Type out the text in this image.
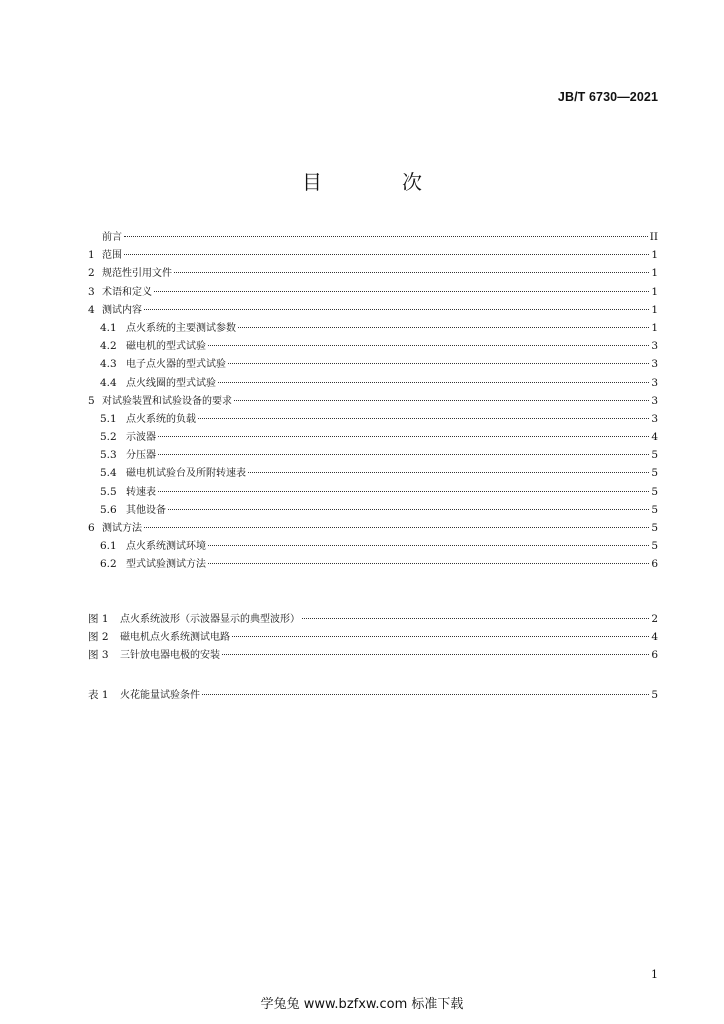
JB/T 6730—2021
目　次
前言	II
1 范围	1
2 规范性引用文件	1
3 术语和定义	1
4 测试内容	1
4.1 点火系统的主要测试参数	1
4.2 磁电机的型式试验	3
4.3 电子点火器的型式试验	3
4.4 点火线圈的型式试验	3
5 对试验装置和试验设备的要求	3
5.1 点火系统的负载	3
5.2 示波器	4
5.3 分压器	5
5.4 磁电机试验台及所附转速表	5
5.5 转速表	5
5.6 其他设备	5
6 测试方法	5
6.1 点火系统测试环境	5
6.2 型式试验测试方法	6
图 1	点火系统波形（示波器显示的典型波形）	2
图 2	磁电机点火系统测试电路	4
图 3	三针放电器电极的安装	6
表 1	火花能量试验条件	5
1
学兔兔 www.bzfxw.com 标准下载
